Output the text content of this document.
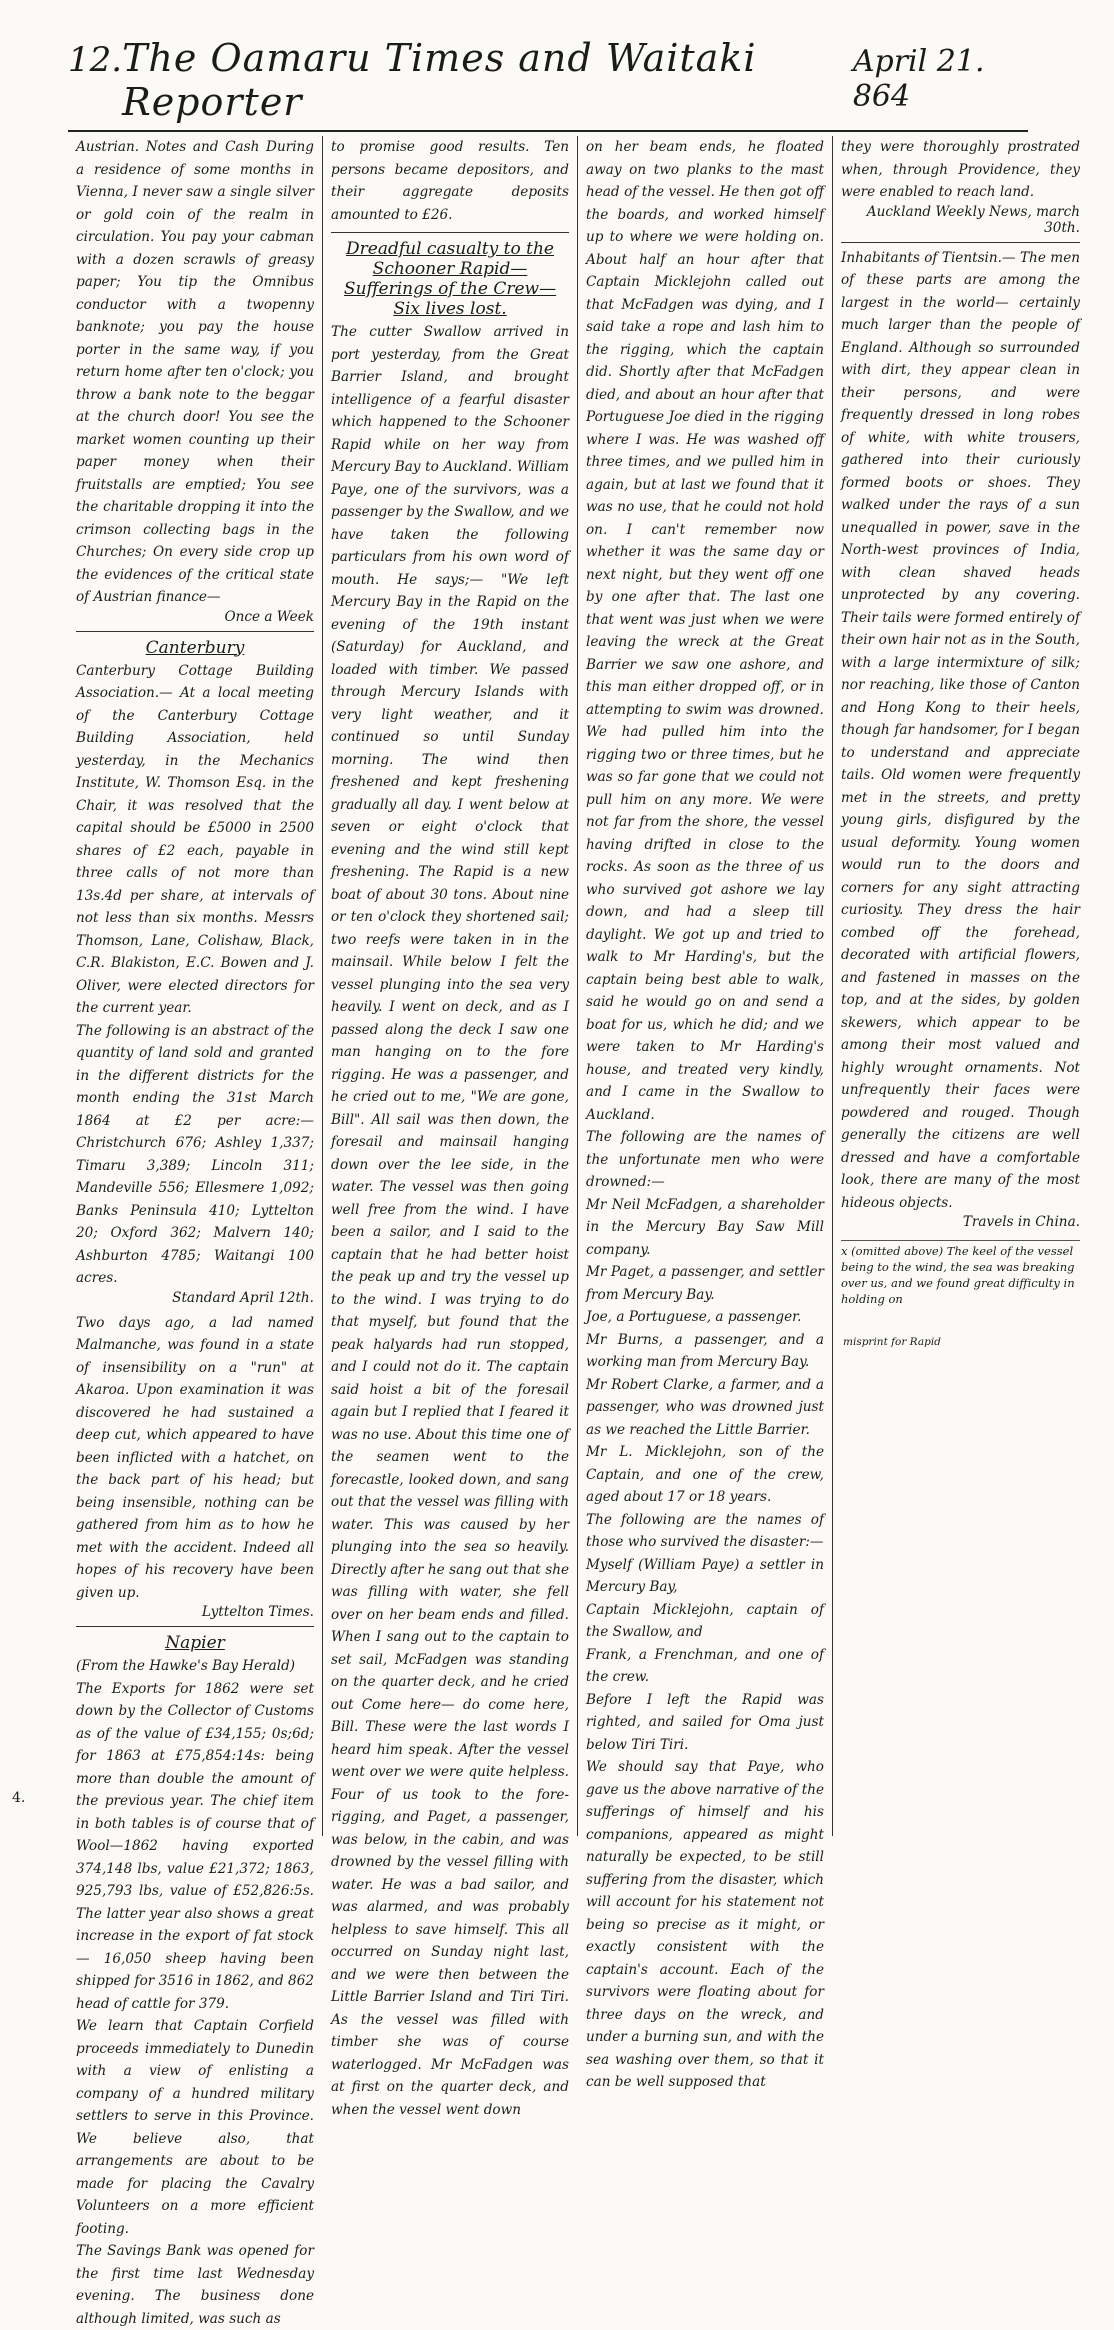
12. The Oamaru Times and Waitaki Reporter
April 21. 864

Austrian. Notes and Cash During a residence of some months in Vienna, I never saw a single silver or gold coin of the realm in circulation. You pay your cabman with a dozen scrawls of greasy paper; You tip the Omnibus conductor with a twopenny banknote; you pay the house porter in the same way, if you return home after ten o'clock; you throw a bank note to the beggar at the church door! You see the market women counting up their paper money when their fruitstalls are emptied; You see the charitable dropping it into the crimson collecting bags in the Churches; On every side crop up the evidences of the critical state of Austrian finance—

Once a Week

Canterbury

Canterbury Cottage Building Association.— At a local meeting of the Canterbury Cottage Building Association, held yesterday, in the Mechanics Institute, W. Thomson Esq. in the Chair, it was resolved that the capital should be £5000 in 2500 shares of £2 each, payable in three calls of not more than 13s.4d per share, at intervals of not less than six months. Messrs Thomson, Lane, Colishaw, Black, C.R. Blakiston, E.C. Bowen and J. Oliver, were elected directors for the current year.
The following is an abstract of the quantity of land sold and granted in the different districts for the month ending the 31st March 1864 at £2 per acre:— Christchurch 676; Ashley 1,337; Timaru 3,389; Lincoln 311; Mandeville 556; Ellesmere 1,092; Banks Peninsula 410; Lyttelton 20; Oxford 362; Malvern 140; Ashburton 4785; Waitangi 100 acres.

Standard April 12th.

Two days ago, a lad named Malmanche, was found in a state of insensibility on a "run" at Akaroa. Upon examination it was discovered he had sustained a deep cut, which appeared to have been inflicted with a hatchet, on the back part of his head; but being insensible, nothing can be gathered from him as to how he met with the accident. Indeed all hopes of his recovery have been given up.

Lyttelton Times.

Napier

(From the Hawke's Bay Herald)
The Exports for 1862 were set down by the Collector of Customs as of the value of £34,155; 0s;6d; for 1863 at £75,854:14s: being more than double the amount of the previous year. The chief item in both tables is of course that of Wool—1862 having exported 374,148 lbs, value £21,372; 1863, 925,793 lbs, value of £52,826:5s. The latter year also shows a great increase in the export of fat stock— 16,050 sheep having been shipped for 3516 in 1862, and 862 head of cattle for 379.
We learn that Captain Corfield proceeds immediately to Dunedin with a view of enlisting a company of a hundred military settlers to serve in this Province. We believe also, that arrangements are about to be made for placing the Cavalry Volunteers on a more efficient footing.
The Savings Bank was opened for the first time last Wednesday evening. The business done although limited, was such as

to promise good results. Ten persons became depositors, and their aggregate deposits amounted to £26.

Dreadful casualty to the Schooner Rapid— Sufferings of the Crew— Six lives lost.

The cutter Swallow arrived in port yesterday, from the Great Barrier Island, and brought intelligence of a fearful disaster which happened to the Schooner Rapid while on her way from Mercury Bay to Auckland. William Paye, one of the survivors, was a passenger by the Swallow, and we have taken the following particulars from his own word of mouth. He says;— "We left Mercury Bay in the Rapid on the evening of the 19th instant (Saturday) for Auckland, and loaded with timber. We passed through Mercury Islands with very light weather, and it continued so until Sunday morning. The wind then freshened and kept freshening gradually all day. I went below at seven or eight o'clock that evening and the wind still kept freshening. The Rapid is a new boat of about 30 tons. About nine or ten o'clock they shortened sail; two reefs were taken in in the mainsail. While below I felt the vessel plunging into the sea very heavily. I went on deck, and as I passed along the deck I saw one man hanging on to the fore rigging. He was a passenger, and he cried out to me, "We are gone, Bill". All sail was then down, the foresail and mainsail hanging down over the lee side, in the water. The vessel was then going well free from the wind. I have been a sailor, and I said to the captain that he had better hoist the peak up and try the vessel up to the wind. I was trying to do that myself, but found that the peak halyards had run stopped, and I could not do it. The captain said hoist a bit of the foresail again but I replied that I feared it was no use. About this time one of the seamen went to the forecastle, looked down, and sang out that the vessel was filling with water. This was caused by her plunging into the sea so heavily. Directly after he sang out that she was filling with water, she fell over on her beam ends and filled. When I sang out to the captain to set sail, McFadgen was standing on the quarter deck, and he cried out Come here— do come here, Bill. These were the last words I heard him speak. After the vessel went over we were quite helpless. Four of us took to the fore-rigging, and Paget, a passenger, was below, in the cabin, and was drowned by the vessel filling with water. He was a bad sailor, and was alarmed, and was probably helpless to save himself. This all occurred on Sunday night last, and we were then between the Little Barrier Island and Tiri Tiri. As the vessel was filled with timber she was of course waterlogged. Mr McFadgen was at first on the quarter deck, and when the vessel went down

on her beam ends, he floated away on two planks to the mast head of the vessel. He then got off the boards, and worked himself up to where we were holding on. About half an hour after that Captain Micklejohn called out that McFadgen was dying, and I said take a rope and lash him to the rigging, which the captain did. Shortly after that McFadgen died, and about an hour after that Portuguese Joe died in the rigging where I was. He was washed off three times, and we pulled him in again, but at last we found that it was no use, that he could not hold on. I can't remember now whether it was the same day or next night, but they went off one by one after that. The last one that went was just when we were leaving the wreck at the Great Barrier we saw one ashore, and this man either dropped off, or in attempting to swim was drowned. We had pulled him into the rigging two or three times, but he was so far gone that we could not pull him on any more. We were not far from the shore, the vessel having drifted in close to the rocks. As soon as the three of us who survived got ashore we lay down, and had a sleep till daylight. We got up and tried to walk to Mr Harding's, but the captain being best able to walk, said he would go on and send a boat for us, which he did; and we were taken to Mr Harding's house, and treated very kindly, and I came in the Swallow to Auckland.
The following are the names of the unfortunate men who were drowned:—
Mr Neil McFadgen, a shareholder in the Mercury Bay Saw Mill company.
Mr Paget, a passenger, and settler from Mercury Bay.
Joe, a Portuguese, a passenger.
Mr Burns, a passenger, and a working man from Mercury Bay.
Mr Robert Clarke, a farmer, and a passenger, who was drowned just as we reached the Little Barrier.
Mr L. Micklejohn, son of the Captain, and one of the crew, aged about 17 or 18 years.
The following are the names of those who survived the disaster:—
Myself (William Paye) a settler in Mercury Bay,
Captain Micklejohn, captain of the Swallow, and
Frank, a Frenchman, and one of the crew.
Before I left the Rapid was righted, and sailed for Oma just below Tiri Tiri.
We should say that Paye, who gave us the above narrative of the sufferings of himself and his companions, appeared as might naturally be expected, to be still suffering from the disaster, which will account for his statement not being so precise as it might, or exactly consistent with the captain's account. Each of the survivors were floating about for three days on the wreck, and under a burning sun, and with the sea washing over them, so that it can be well supposed that

they were thoroughly prostrated when, through Providence, they were enabled to reach land.

Auckland Weekly News, march 30th.

Inhabitants of Tientsin.— The men of these parts are among the largest in the world— certainly much larger than the people of England. Although so surrounded with dirt, they appear clean in their persons, and were frequently dressed in long robes of white, with white trousers, gathered into their curiously formed boots or shoes. They walked under the rays of a sun unequalled in power, save in the North-west provinces of India, with clean shaved heads unprotected by any covering. Their tails were formed entirely of their own hair not as in the South, with a large intermixture of silk; nor reaching, like those of Canton and Hong Kong to their heels, though far handsomer, for I began to understand and appreciate tails. Old women were frequently met in the streets, and pretty young girls, disfigured by the usual deformity. Young women would run to the doors and corners for any sight attracting curiosity. They dress the hair combed off the forehead, decorated with artificial flowers, and fastened in masses on the top, and at the sides, by golden skewers, which appear to be among their most valued and highly wrought ornaments. Not unfrequently their faces were powdered and rouged. Though generally the citizens are well dressed and have a comfortable look, there are many of the most hideous objects.

Travels in China.

x (omitted above) The keel of the vessel being to the wind, the sea was breaking over us, and we found great difficulty in holding on
misprint for Rapid
4.
